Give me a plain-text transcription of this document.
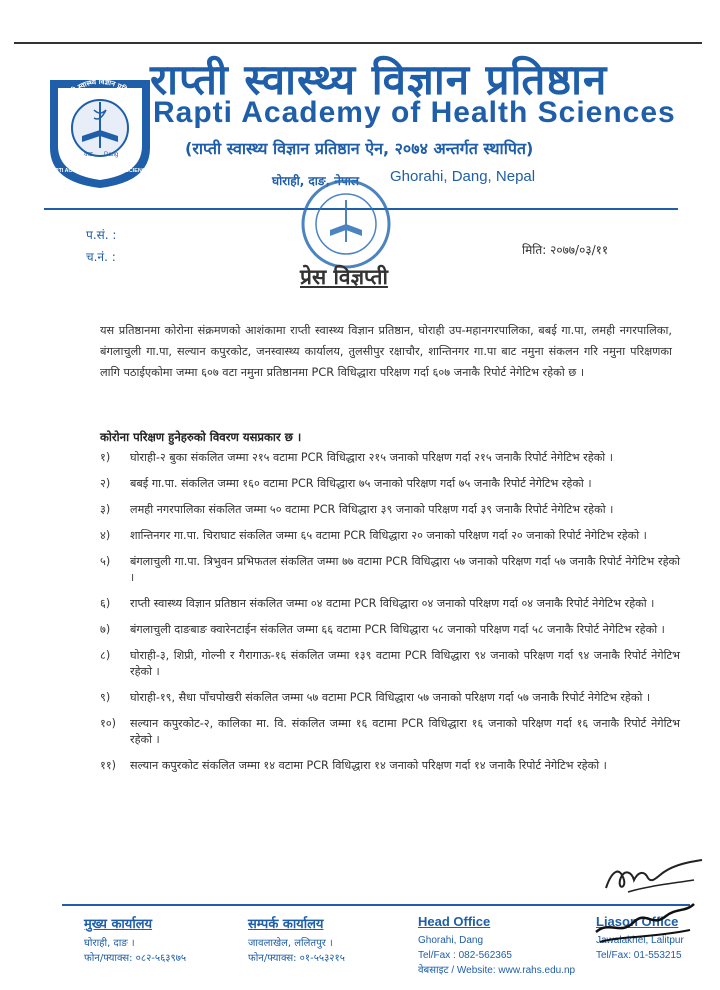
राप्ती स्वास्थ्य विज्ञान प्रतिष्ठान
वाङ Dang
RAPTI ACADEMY OF HEALTH SCIENCES
राप्ती स्वास्थ्य विज्ञान प्रतिष्ठान
Rapti Academy of Health Sciences
(राप्ती स्वास्थ्य विज्ञान प्रतिष्ठान ऐन, २०७४ अन्तर्गत स्थापित)
घोराही, दाङ, नेपाल Ghorahi, Dang, Nepal
प.सं. :
च.नं. :	मिति: २०७७/०३/११
प्रेस विज्ञप्ती
यस प्रतिष्ठानमा कोरोना संक्रमणको आशंकामा राप्ती स्वास्थ्य विज्ञान प्रतिष्ठान, घोराही उप-महानगरपालिका, बबई गा.पा, लमही नगरपालिका, बंगलाचुली गा.पा, सल्यान कपुरकोट, जनस्वास्थ्य कार्यालय, तुलसीपुर रक्षाचौर, शान्तिनगर गा.पा बाट नमुना संकलन गरि नमुना परिक्षणका लागि पठाईएकोमा जम्मा ६०७ वटा नमुना प्रतिष्ठानमा PCR विधिद्धारा परिक्षण गर्दा ६०७ जनाकै रिपोर्ट नेगेटिभ रहेको छ ।
कोरोना परिक्षण हुनेहरुको विवरण यसप्रकार छ ।
१)	घोराही-२ बुका संकलित जम्मा २१५ वटामा PCR विधिद्धारा २१५ जनाको परिक्षण गर्दा २१५ जनाकै रिपोर्ट नेगेटिभ रहेको ।
२)	बबई गा.पा. संकलित जम्मा १६० वटामा PCR विधिद्धारा ७५ जनाको परिक्षण गर्दा ७५ जनाकै रिपोर्ट नेगेटिभ रहेको ।
३)	लमही नगरपालिका संकलित जम्मा ५० वटामा PCR विधिद्धारा ३९ जनाको परिक्षण गर्दा ३९ जनाकै रिपोर्ट नेगेटिभ रहेको ।
४)	शान्तिनगर गा.पा. चिराघाट संकलित जम्मा ६५ वटामा PCR विधिद्धारा २० जनाको परिक्षण गर्दा २० जनाको रिपोर्ट नेगेटिभ रहेको ।
५)	बंगलाचुली गा.पा. त्रिभुवन प्रभिफतल संकलित जम्मा ७७ वटामा PCR विधिद्धारा ५७ जनाको परिक्षण गर्दा ५७ जनाकै रिपोर्ट नेगेटिभ रहेको ।
६)	राप्ती स्वास्थ्य विज्ञान प्रतिष्ठान संकलित जम्मा ०४ वटामा PCR विधिद्धारा ०४ जनाको परिक्षण गर्दा ०४ जनाकै रिपोर्ट नेगेटिभ रहेको ।
७)	बंगलाचुली दाङबाङ क्वारेनटाईन संकलित जम्मा ६६ वटामा PCR विधिद्धारा ५८ जनाको परिक्षण गर्दा ५८ जनाकै रिपोर्ट नेगेटिभ रहेको ।
८)	घोराही-३, शिप्री, गोल्नी र गैरागाऊ-१६ संकलित जम्मा १३९ वटामा PCR विधिद्धारा ९४ जनाको परिक्षण गर्दा ९४ जनाकै रिपोर्ट नेगेटिभ रहेको ।
९)	घोराही-१९, सैधा पाँचपोखरी संकलित जम्मा ५७ वटामा PCR विधिद्धारा ५७ जनाको परिक्षण गर्दा ५७ जनाकै रिपोर्ट नेगेटिभ रहेको ।
१०)	सल्यान कपुरकोट-२, कालिका मा. वि. संकलित जम्मा १६ वटामा PCR विधिद्धारा १६ जनाको परिक्षण गर्दा १६ जनाकै रिपोर्ट नेगेटिभ रहेको ।
११)	सल्यान कपुरकोट संकलित जम्मा १४ वटामा PCR विधिद्धारा १४ जनाको परिक्षण गर्दा १४ जनाकै रिपोर्ट नेगेटिभ रहेको ।
मुख्य कार्यालय
घोराही, दाङ ।
फोन/फ्याक्स: ०८२-५६३९७५
सम्पर्क कार्यालय
जावलाखेल, ललितपुर ।
फोन/फ्याक्स: ०१-५५३२१५
Head Office
Ghorahi, Dang
Tel/Fax : 082-562365
वेबसाइट / Website: www.rahs.edu.np
Liason Office
Jawalakhel, Lalitpur
Tel/Fax: 01-553215
